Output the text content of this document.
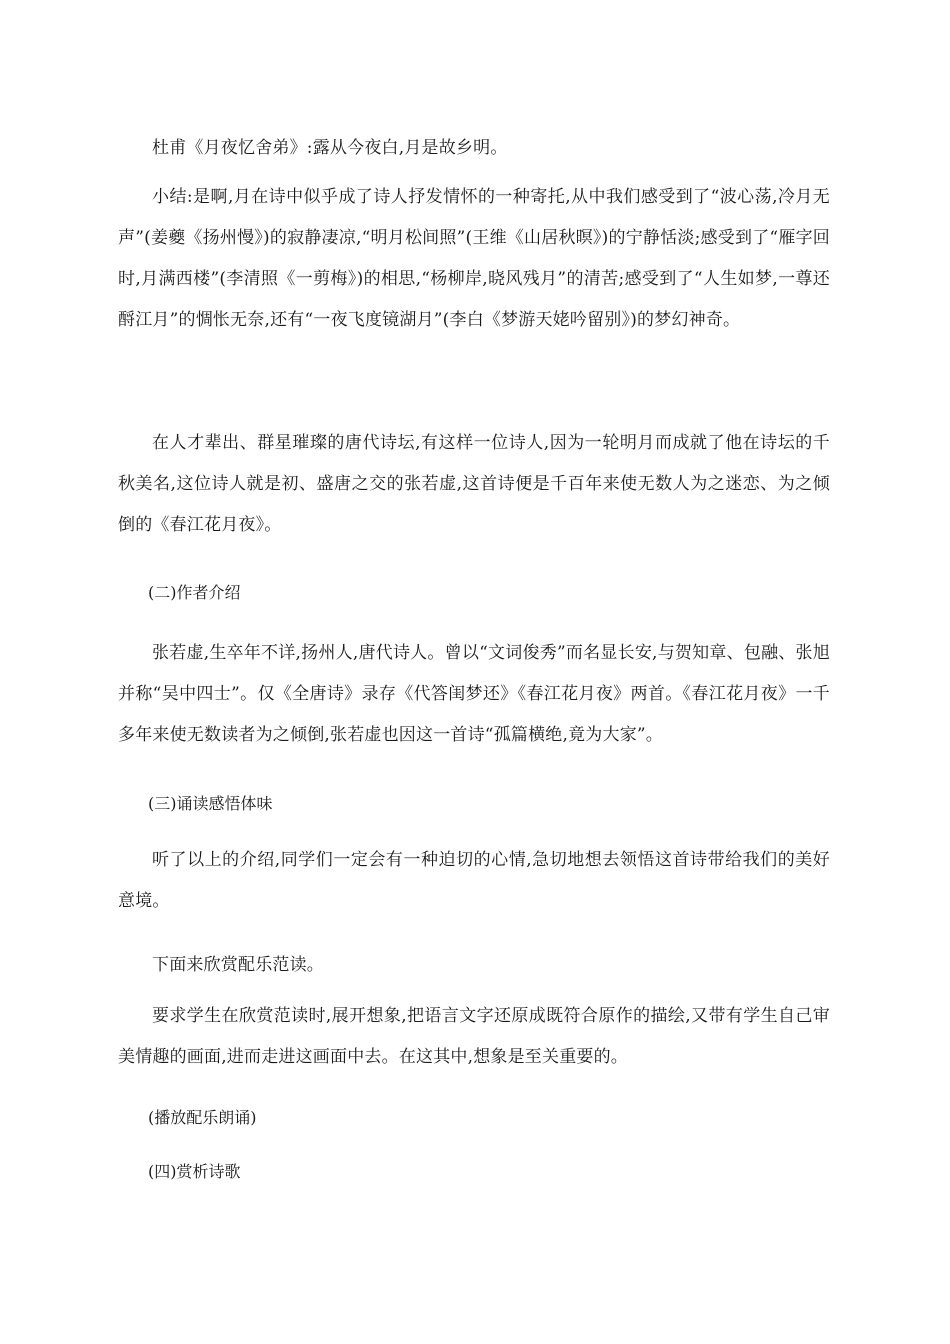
杜甫《月夜忆舍弟》:露从今夜白,月是故乡明。

小结:是啊,月在诗中似乎成了诗人抒发情怀的一种寄托,从中我们感受到了“波心荡,冷月无声”(姜夔《扬州慢》)的寂静凄凉,“明月松间照”(王维《山居秋暝》)的宁静恬淡;感受到了“雁字回时,月满西楼”(李清照《一剪梅》)的相思,“杨柳岸,晓风残月”的清苦;感受到了“人生如梦,一尊还酹江月”的惆怅无奈,还有“一夜飞度镜湖月”(李白《梦游天姥吟留别》)的梦幻神奇。

在人才辈出、群星璀璨的唐代诗坛,有这样一位诗人,因为一轮明月而成就了他在诗坛的千秋美名,这位诗人就是初、盛唐之交的张若虚,这首诗便是千百年来使无数人为之迷恋、为之倾倒的《春江花月夜》。

(二)作者介绍

张若虚,生卒年不详,扬州人,唐代诗人。曾以“文词俊秀”而名显长安,与贺知章、包融、张旭并称“吴中四士”。仅《全唐诗》录存《代答闺梦还》《春江花月夜》两首。《春江花月夜》一千多年来使无数读者为之倾倒,张若虚也因这一首诗“孤篇横绝,竟为大家”。

(三)诵读感悟体味

听了以上的介绍,同学们一定会有一种迫切的心情,急切地想去领悟这首诗带给我们的美好意境。

下面来欣赏配乐范读。

要求学生在欣赏范读时,展开想象,把语言文字还原成既符合原作的描绘,又带有学生自己审美情趣的画面,进而走进这画面中去。在这其中,想象是至关重要的。

(播放配乐朗诵)

(四)赏析诗歌
